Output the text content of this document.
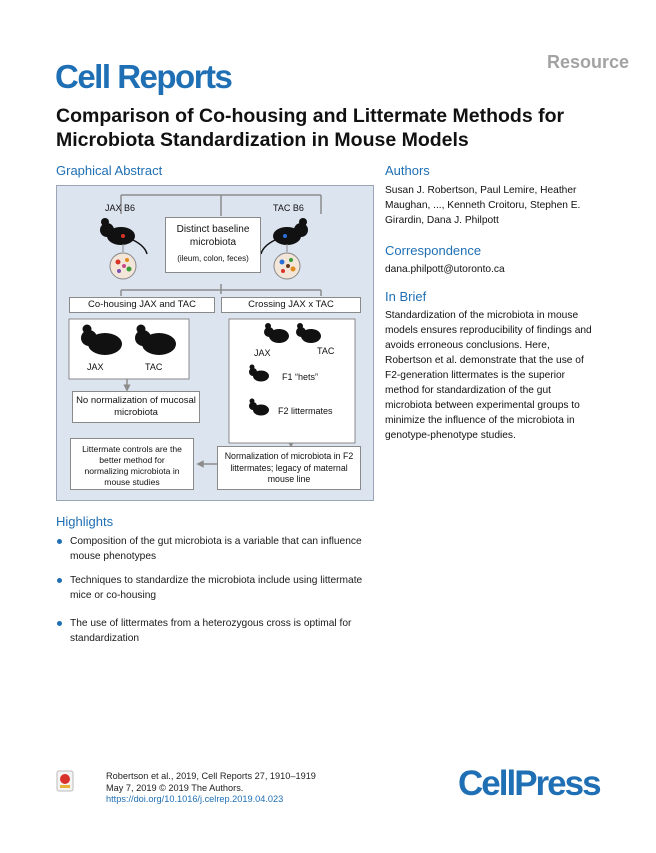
Cell Reports	Resource
Comparison of Co-housing and Littermate Methods for Microbiota Standardization in Mouse Models
Graphical Abstract
JAX B6	TAC B6
Distinct baseline microbiota
(ileum, colon, feces)
Co-housing JAX and TAC	Crossing JAX x TAC
JAX	TAC
JAX	TAC
F1 “hets”
F2 littermates
No normalization of mucosal microbiota
Littermate controls are the better method for normalizing microbiota in mouse studies
Normalization of microbiota in F2 littermates; legacy of maternal mouse line
Authors
Susan J. Robertson, Paul Lemire, Heather Maughan, ..., Kenneth Croitoru, Stephen E. Girardin, Dana J. Philpott
Correspondence
dana.philpott@utoronto.ca
In Brief
Standardization of the microbiota in mouse models ensures reproducibility of findings and avoids erroneous conclusions. Here, Robertson et al. demonstrate that the use of F2-generation littermates is the superior method for standardization of the gut microbiota between experimental groups to minimize the influence of the microbiota in genotype-phenotype studies.
Highlights
Composition of the gut microbiota is a variable that can influence mouse phenotypes
Techniques to standardize the microbiota include using littermate mice or co-housing
The use of littermates from a heterozygous cross is optimal for standardization
Robertson et al., 2019, Cell Reports 27, 1910–1919
May 7, 2019 © 2019 The Authors.
https://doi.org/10.1016/j.celrep.2019.04.023	CellPress
